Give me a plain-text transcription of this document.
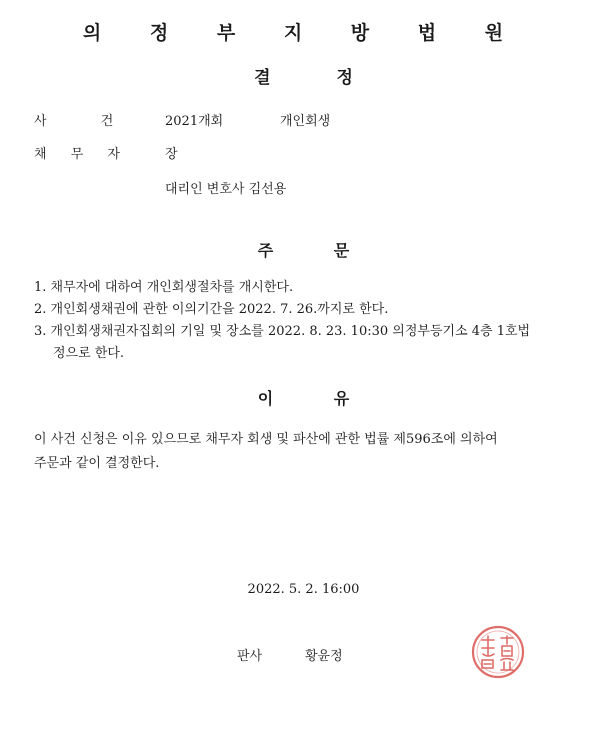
의 정 부 지 방 법 원
결 정
사 건	2021개회	개인회생
채 무 자	장
대리인 변호사 김선용
주 문
1. 채무자에 대하여 개인회생절차를 개시한다.
2. 개인회생채권에 관한 이의기간을 2022. 7. 26.까지로 한다.
3. 개인회생채권자집회의 기일 및 장소를 2022. 8. 23. 10:30 의정부등기소 4층 1호법
정으로 한다.
이 유
이 사건 신청은 이유 있으므로 채무자 회생 및 파산에 관한 법률 제596조에 의하여
주문과 같이 결정한다.
2022. 5. 2. 16:00
판사	황윤정
